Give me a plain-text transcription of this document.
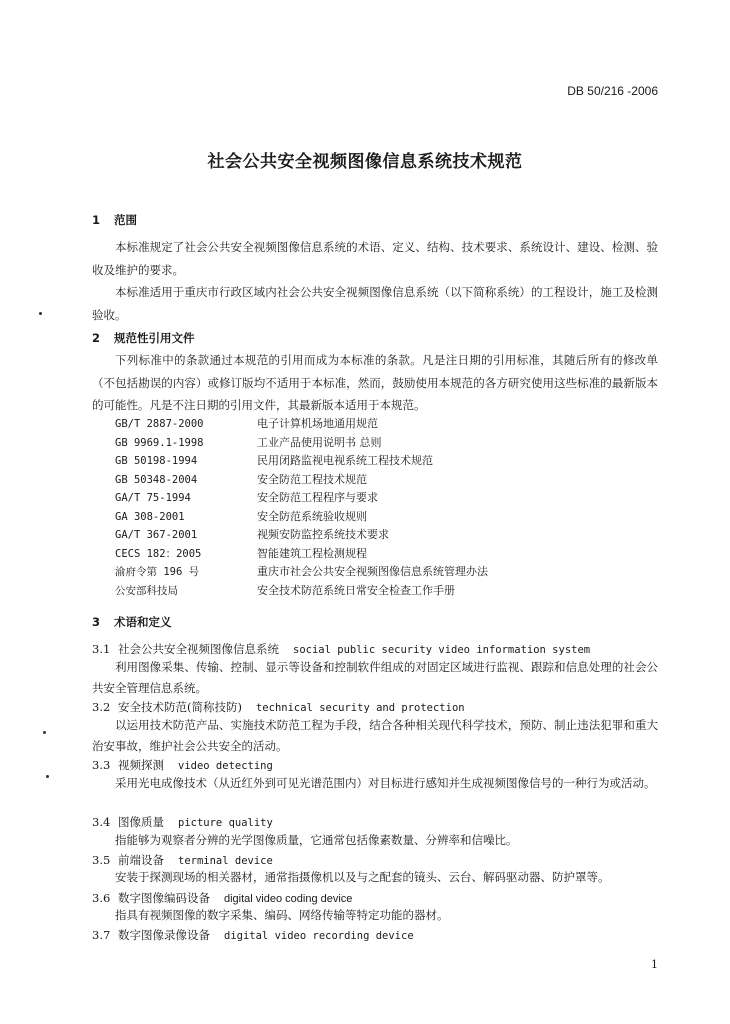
DB 50/216 -2006
社会公共安全视频图像信息系统技术规范
1 范围
本标准规定了社会公共安全视频图像信息系统的术语、定义、结构、技术要求、系统设计、建设、检测、验收及维护的要求。
本标准适用于重庆市行政区域内社会公共安全视频图像信息系统（以下简称系统）的工程设计，施工及检测验收。
2 规范性引用文件
下列标准中的条款通过本规范的引用而成为本标准的条款。凡是注日期的引用标准，其随后所有的修改单（不包括勘误的内容）或修订版均不适用于本标准，然而，鼓励使用本规范的各方研究使用这些标准的最新版本的可能性。凡是不注日期的引用文件，其最新版本适用于本规范。
GB/T 2887-2000	电子计算机场地通用规范
GB 9969.1-1998	工业产品使用说明书 总则
GB 50198-1994	民用闭路监视电视系统工程技术规范
GB 50348-2004	安全防范工程技术规范
GA/T 75-1994	安全防范工程程序与要求
GA 308-2001	安全防范系统验收规则
GA/T 367-2001	视频安防监控系统技术要求
CECS 182：2005	智能建筑工程检测规程
渝府令第 196 号	重庆市社会公共安全视频图像信息系统管理办法
公安部科技局	安全技术防范系统日常安全检查工作手册
3 术语和定义
3.1 社会公共安全视频图像信息系统 social public security video information system
利用图像采集、传输、控制、显示等设备和控制软件组成的对固定区域进行监视、跟踪和信息处理的社会公共安全管理信息系统。
3.2 安全技术防范(简称技防) technical security and protection
以运用技术防范产品、实施技术防范工程为手段，结合各种相关现代科学技术，预防、制止违法犯罪和重大治安事故，维护社会公共安全的活动。
3.3 视频探测 video detecting
采用光电成像技术（从近红外到可见光谱范围内）对目标进行感知并生成视频图像信号的一种行为或活动。
3.4 图像质量 picture quality
指能够为观察者分辨的光学图像质量，它通常包括像素数量、分辨率和信噪比。
3.5 前端设备 terminal device
安装于探测现场的相关器材，通常指摄像机以及与之配套的镜头、云台、解码驱动器、防护罩等。
3.6 数字图像编码设备 digital video coding device
指具有视频图像的数字采集、编码、网络传输等特定功能的器材。
3.7 数字图像录像设备 digital video recording device
1
